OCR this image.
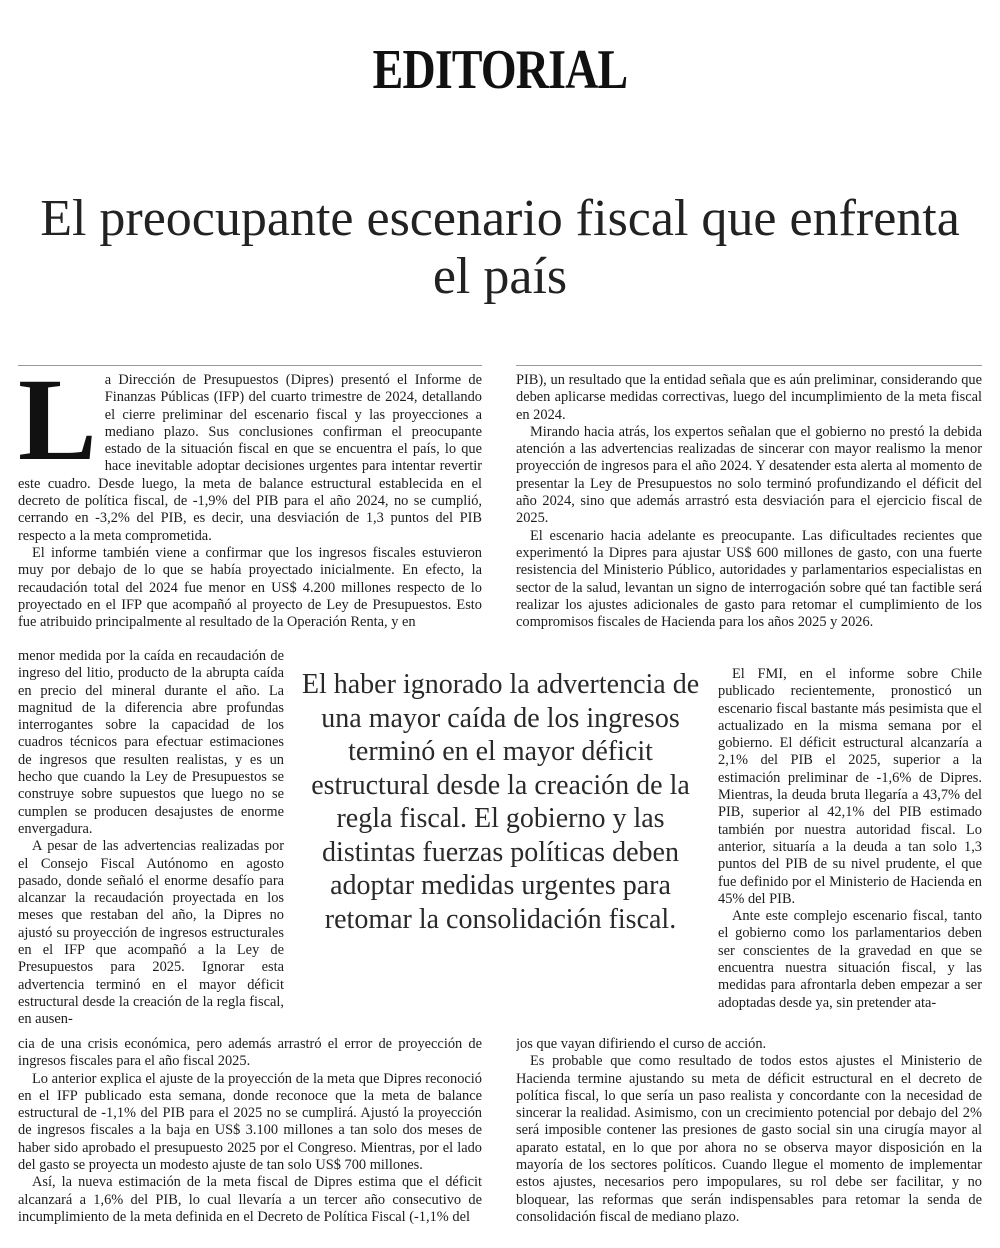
EDITORIAL
El preocupante escenario fiscal que enfrenta el país
L a Dirección de Presupuestos (Dipres) presentó el Informe de Finanzas Públicas (IFP) del cuarto trimestre de 2024, detallando el cierre preliminar del escenario fiscal y las proyecciones a mediano plazo. Sus conclusiones confirman el preocupante estado de la situación fiscal en que se encuentra el país, lo que hace inevitable adoptar decisiones urgentes para intentar revertir este cuadro. Desde luego, la meta de balance estructural establecida en el decreto de política fiscal, de -1,9% del PIB para el año 2024, no se cumplió, cerrando en -3,2% del PIB, es decir, una desviación de 1,3 puntos del PIB respecto a la meta comprometida.

El informe también viene a confirmar que los ingresos fiscales estuvieron muy por debajo de lo que se había proyectado inicialmente. En efecto, la recaudación total del 2024 fue menor en US$ 4.200 millones respecto de lo proyectado en el IFP que acompañó al proyecto de Ley de Presupuestos. Esto fue atribuido principalmente al resultado de la Operación Renta, y en

menor medida por la caída en recaudación de ingreso del litio, producto de la abrupta caída en precio del mineral durante el año. La magnitud de la diferencia abre profundas interrogantes sobre la capacidad de los cuadros técnicos para efectuar estimaciones de ingresos que resulten realistas, y es un hecho que cuando la Ley de Presupuestos se construye sobre supuestos que luego no se cumplen se producen desajustes de enorme envergadura.

A pesar de las advertencias realizadas por el Consejo Fiscal Autónomo en agosto pasado, donde señaló el enorme desafío para alcanzar la recaudación proyectada en los meses que restaban del año, la Dipres no ajustó su proyección de ingresos estructurales en el IFP que acompañó a la Ley de Presupuestos para 2025. Ignorar esta advertencia terminó en el mayor déficit estructural desde la creación de la regla fiscal, en ausen-

cia de una crisis económica, pero además arrastró el error de proyección de ingresos fiscales para el año fiscal 2025.

Lo anterior explica el ajuste de la proyección de la meta que Dipres reconoció en el IFP publicado esta semana, donde reconoce que la meta de balance estructural de -1,1% del PIB para el 2025 no se cumplirá. Ajustó la proyección de ingresos fiscales a la baja en US$ 3.100 millones a tan solo dos meses de haber sido aprobado el presupuesto 2025 por el Congreso. Mientras, por el lado del gasto se proyecta un modesto ajuste de tan solo US$ 700 millones.

Así, la nueva estimación de la meta fiscal de Dipres estima que el déficit alcanzará a 1,6% del PIB, lo cual llevaría a un tercer año consecutivo de incumplimiento de la meta definida en el Decreto de Política Fiscal (-1,1% del

PIB), un resultado que la entidad señala que es aún preliminar, considerando que deben aplicarse medidas correctivas, luego del incumplimiento de la meta fiscal en 2024.

Mirando hacia atrás, los expertos señalan que el gobierno no prestó la debida atención a las advertencias realizadas de sincerar con mayor realismo la menor proyección de ingresos para el año 2024. Y desatender esta alerta al momento de presentar la Ley de Presupuestos no solo terminó profundizando el déficit del año 2024, sino que además arrastró esta desviación para el ejercicio fiscal de 2025.

El escenario hacia adelante es preocupante. Las dificultades recientes que experimentó la Dipres para ajustar US$ 600 millones de gasto, con una fuerte resistencia del Ministerio Público, autoridades y parlamentarios especialistas en sector de la salud, levantan un signo de interrogación sobre qué tan factible será realizar los ajustes adicionales de gasto para retomar el cumplimiento de los compromisos fiscales de Hacienda para los años 2025 y 2026.

El FMI, en el informe sobre Chile publicado recientemente, pronosticó un escenario fiscal bastante más pesimista que el actualizado en la misma semana por el gobierno. El déficit estructural alcanzaría a 2,1% del PIB el 2025, superior a la estimación preliminar de -1,6% de Dipres. Mientras, la deuda bruta llegaría a 43,7% del PIB, superior al 42,1% del PIB estimado también por nuestra autoridad fiscal. Lo anterior, situaría a la deuda a tan solo 1,3 puntos del PIB de su nivel prudente, el que fue definido por el Ministerio de Hacienda en 45% del PIB.

Ante este complejo escenario fiscal, tanto el gobierno como los parlamentarios deben ser conscientes de la gravedad en que se encuentra nuestra situación fiscal, y las medidas para afrontarla deben empezar a ser adoptadas desde ya, sin pretender ata-

jos que vayan difiriendo el curso de acción.

Es probable que como resultado de todos estos ajustes el Ministerio de Hacienda termine ajustando su meta de déficit estructural en el decreto de política fiscal, lo que sería un paso realista y concordante con la necesidad de sincerar la realidad. Asimismo, con un crecimiento potencial por debajo del 2% será imposible contener las presiones de gasto social sin una cirugía mayor al aparato estatal, en lo que por ahora no se observa mayor disposición en la mayoría de los sectores políticos. Cuando llegue el momento de implementar estos ajustes, necesarios pero impopulares, su rol debe ser facilitar, y no bloquear, las reformas que serán indispensables para retomar la senda de consolidación fiscal de mediano plazo.

El haber ignorado la advertencia de una mayor caída de los ingresos terminó en el mayor déficit estructural desde la creación de la regla fiscal. El gobierno y las distintas fuerzas políticas deben adoptar medidas urgentes para retomar la consolidación fiscal.
